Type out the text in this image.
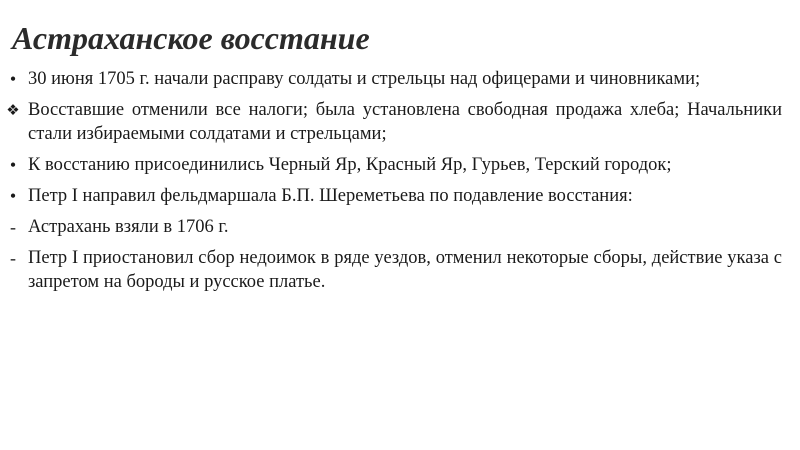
Астраханское восстание
• 30 июня 1705 г. начали расправу солдаты и стрельцы над офицерами и чиновниками;
❖ Восставшие отменили все налоги; была установлена свободная продажа хлеба; Начальники стали избираемыми солдатами и стрельцами;
• К восстанию присоединились Черный Яр, Красный Яр, Гурьев, Терский городок;
• Петр I направил фельдмаршала Б.П. Шереметьева по подавление восстания:
- Астрахань взяли в 1706 г.
- Петр I приостановил сбор недоимок в ряде уездов, отменил некоторые сборы, действие указа с запретом на бороды и русское платье.
